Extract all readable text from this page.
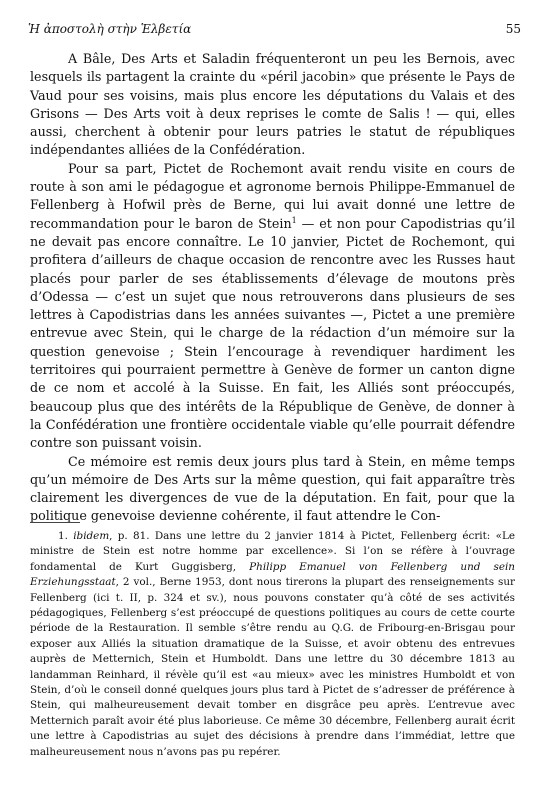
Ἡ ἀποστολὴ στὴν Ἑλβετία	55

A Bâle, Des Arts et Saladin fréquenteront un peu les Bernois, avec lesquels ils partagent la crainte du «péril jacobin» que présente le Pays de Vaud pour ses voisins, mais plus encore les députations du Valais et des Grisons — Des Arts voit à deux reprises le comte de Salis ! — qui, elles aussi, cherchent à obtenir pour leurs patries le statut de républiques indépendantes alliées de la Confédération.

Pour sa part, Pictet de Rochemont avait rendu visite en cours de route à son ami le pédagogue et agronome bernois Philippe-Emmanuel de Fellenberg à Hofwil près de Berne, qui lui avait donné une lettre de recommandation pour le baron de Stein$^1$ — et non pour Capodistrias qu’il ne devait pas encore connaître. Le 10 janvier, Pictet de Rochemont, qui profitera d’ailleurs de chaque occasion de rencontre avec les Russes haut placés pour parler de ses établissements d’élevage de moutons près d’Odessa — c’est un sujet que nous retrouverons dans plusieurs de ses lettres à Capodistrias dans les années suivantes —, Pictet a une première entrevue avec Stein, qui le charge de la rédaction d’un mémoire sur la question genevoise ; Stein l’encourage à revendiquer hardiment les territoires qui pourraient permettre à Genève de former un canton digne de ce nom et accolé à la Suisse. En fait, les Alliés sont préoccupés, beaucoup plus que des intérêts de la République de Genève, de donner à la Confédération une frontière occidentale viable qu’elle pourrait défendre contre son puissant voisin.

Ce mémoire est remis deux jours plus tard à Stein, en même temps qu’un mémoire de Des Arts sur la même question, qui fait apparaître très clairement les divergences de vue de la députation. En fait, pour que la politique genevoise devienne cohérente, il faut attendre le Con-

1. ibidem, p. 81. Dans une lettre du 2 janvier 1814 à Pictet, Fellenberg écrit: «Le ministre de Stein est notre homme par excellence». Si l’on se réfère à l’ouvrage fondamental de Kurt Guggisberg, Philipp Emanuel von Fellenberg und sein Erziehungsstaat, 2 vol., Berne 1953, dont nous tirerons la plupart des renseignements sur Fellenberg (ici t. II, p. 324 et sv.), nous pouvons constater qu’à côté de ses activités pédagogiques, Fellenberg s’est préoccupé de questions politiques au cours de cette courte période de la Restauration. Il semble s’être rendu au Q.G. de Fribourg-en-Brisgau pour exposer aux Alliés la situation dramatique de la Suisse, et avoir obtenu des entrevues auprès de Metternich, Stein et Humboldt. Dans une lettre du 30 décembre 1813 au landamman Reinhard, il révèle qu’il est «au mieux» avec les ministres Humboldt et von Stein, d’où le conseil donné quelques jours plus tard à Pictet de s’adresser de préférence à Stein, qui malheureusement devait tomber en disgrâce peu après. L’entrevue avec Metternich paraît avoir été plus laborieuse. Ce même 30 décembre, Fellenberg aurait écrit une lettre à Capodistrias au sujet des décisions à prendre dans l’immédiat, lettre que malheureusement nous n’avons pas pu repérer.
